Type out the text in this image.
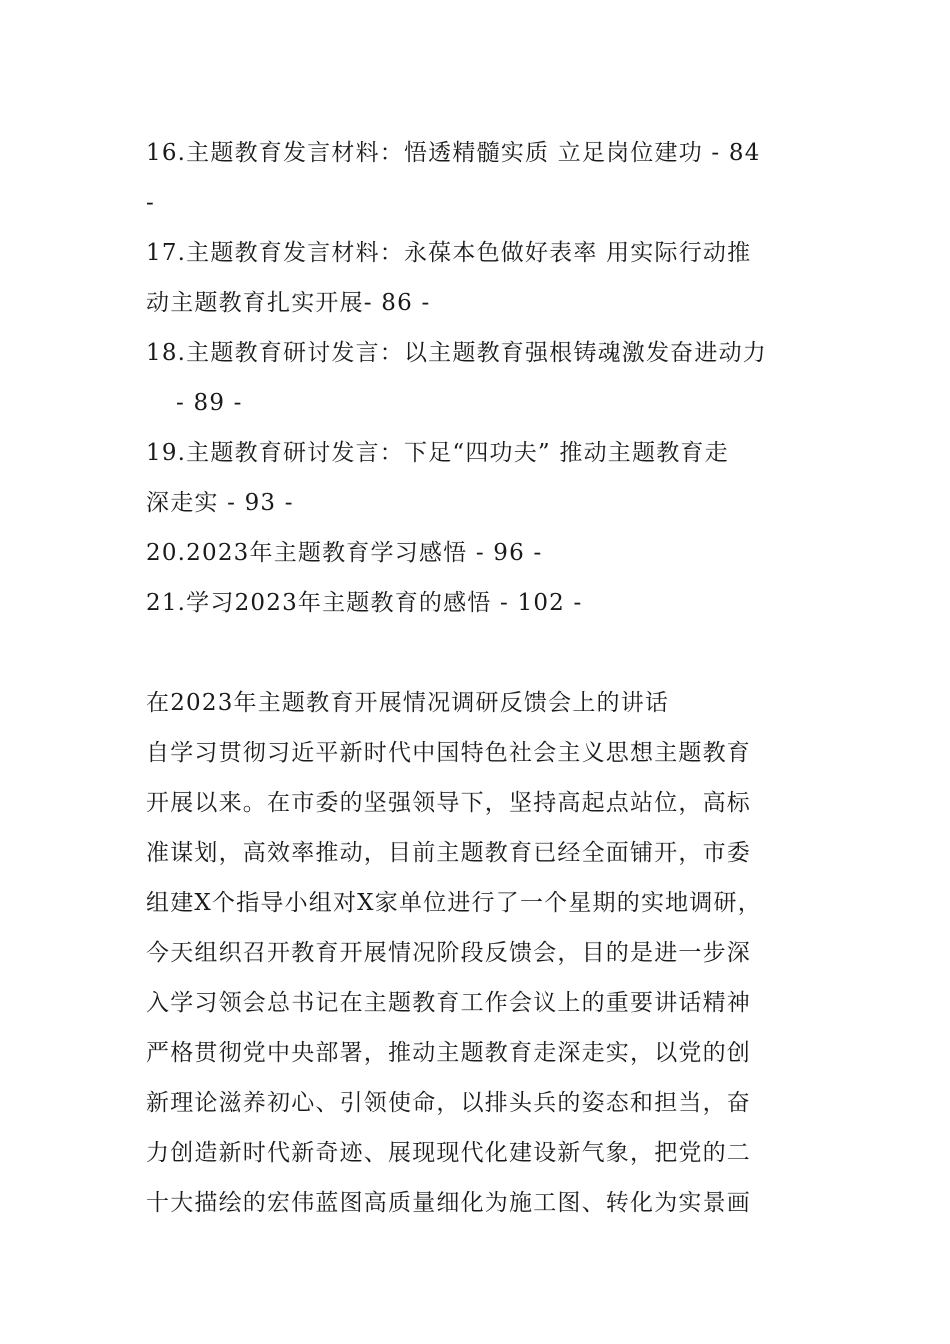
16.主题教育发言材料：悟透精髓实质 立足岗位建功 - 84
-
17.主题教育发言材料：永葆本色做好表率 用实际行动推
动主题教育扎实开展- 86 -
18.主题教育研讨发言：以主题教育强根铸魂激发奋进动力
- 89 -
19.主题教育研讨发言：下足“四功夫” 推动主题教育走
深走实 - 93 -
20.2023年主题教育学习感悟 - 96 -
21.学习2023年主题教育的感悟 - 102 -
在2023年主题教育开展情况调研反馈会上的讲话
自学习贯彻习近平新时代中国特色社会主义思想主题教育
开展以来。在市委的坚强领导下，坚持高起点站位，高标
准谋划，高效率推动，目前主题教育已经全面铺开，市委
组建X个指导小组对X家单位进行了一个星期的实地调研，
今天组织召开教育开展情况阶段反馈会，目的是进一步深
入学习领会总书记在主题教育工作会议上的重要讲话精神
严格贯彻党中央部署，推动主题教育走深走实，以党的创
新理论滋养初心、引领使命，以排头兵的姿态和担当，奋
力创造新时代新奇迹、展现现代化建设新气象，把党的二
十大描绘的宏伟蓝图高质量细化为施工图、转化为实景画
